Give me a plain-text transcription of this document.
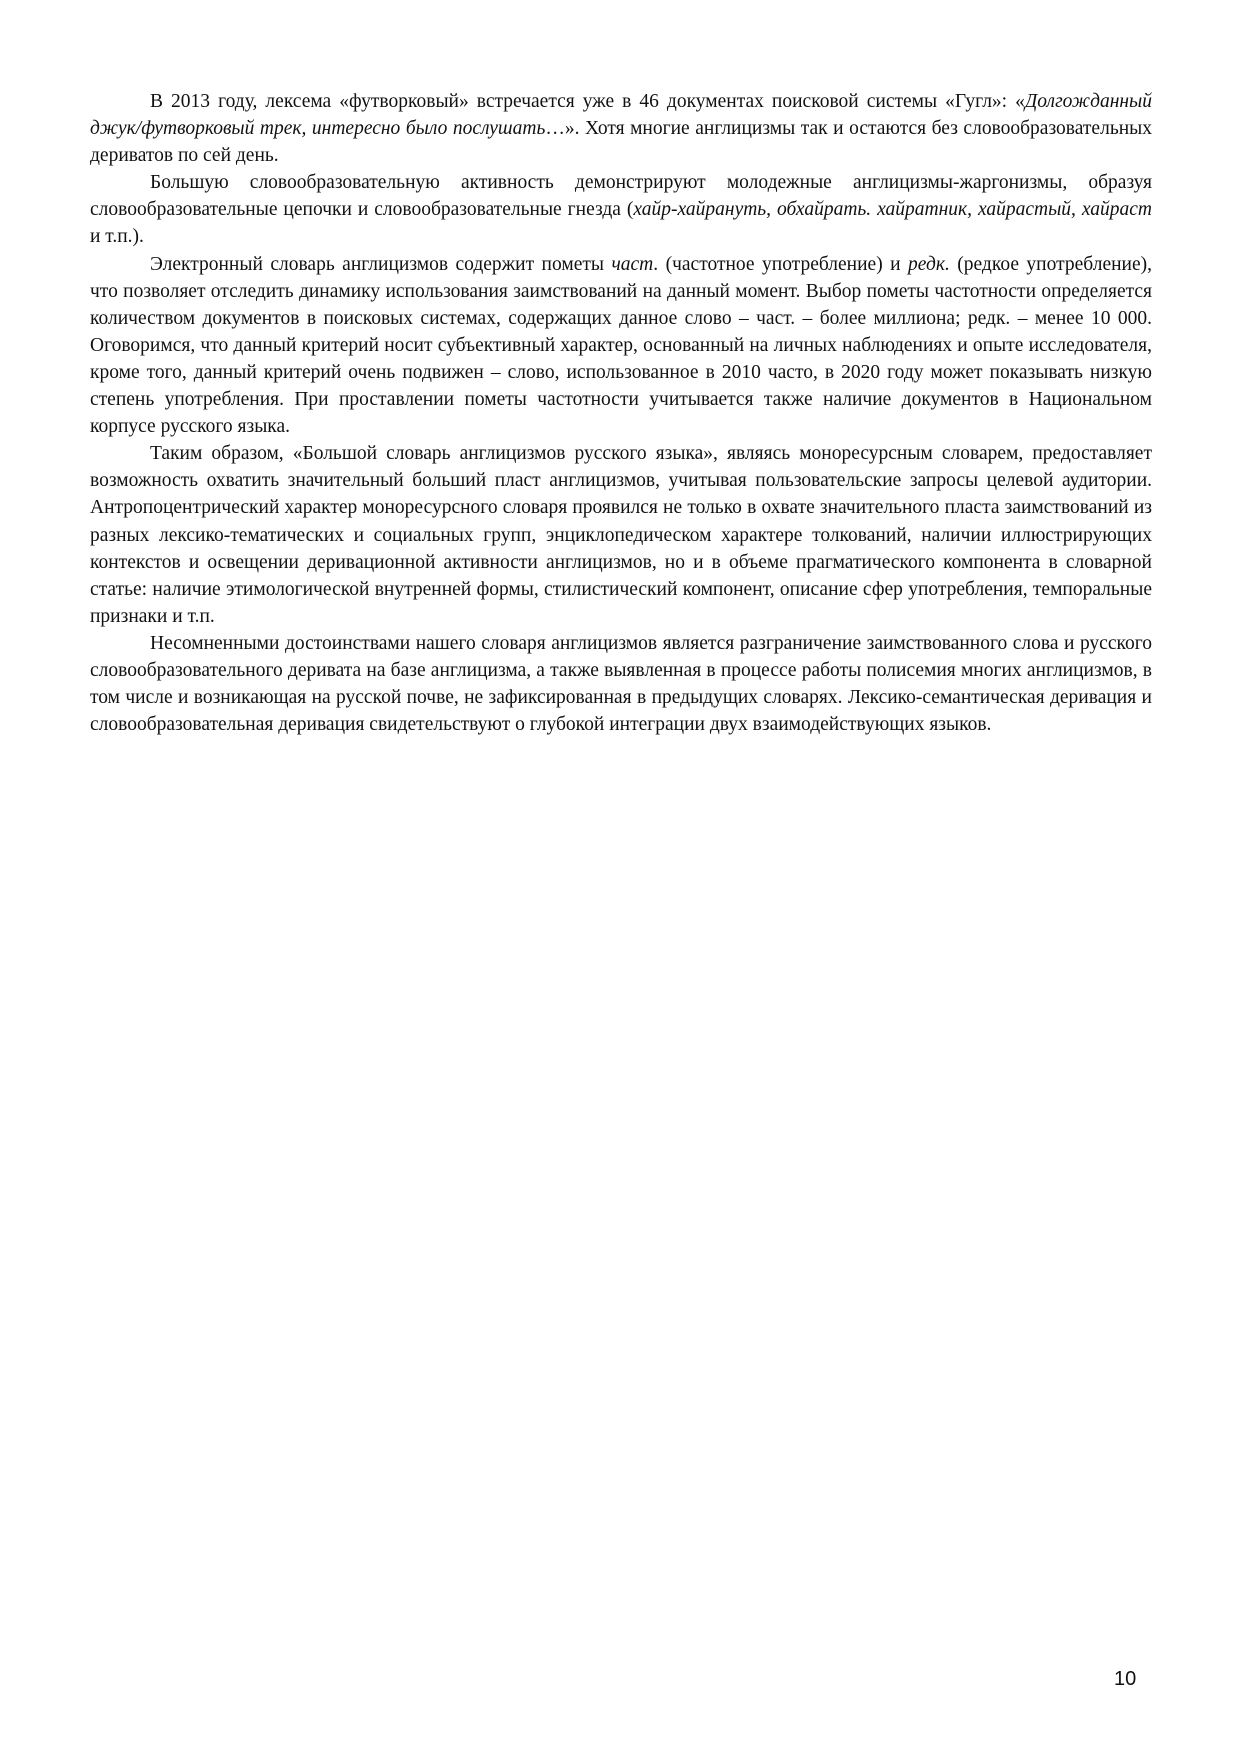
В 2013 году, лексема «футворковый» встречается уже в 46 документах поисковой системы «Гугл»: «Долгожданный джук/футворковый трек, интересно было послушать…». Хотя многие англицизмы так и остаются без словообразовательных дериватов по сей день.

Большую словообразовательную активность демонстрируют молодежные англицизмы-жаргонизмы, образуя словообразовательные цепочки и словообразовательные гнезда (хайр-хайрануть, обхайрать. хайратник, хайрастый, хайраст и т.п.).

Электронный словарь англицизмов содержит пометы част. (частотное употребление) и редк. (редкое употребление), что позволяет отследить динамику использования заимствований на данный момент. Выбор пометы частотности определяется количеством документов в поисковых системах, содержащих данное слово – част. – более миллиона; редк. – менее 10 000. Оговоримся, что данный критерий носит субъективный характер, основанный на личных наблюдениях и опыте исследователя, кроме того, данный критерий очень подвижен – слово, использованное в 2010 часто, в 2020 году может показывать низкую степень употребления. При проставлении пометы частотности учитывается также наличие документов в Национальном корпусе русского языка.

Таким образом, «Большой словарь англицизмов русского языка», являясь монoресурсным словарем, предоставляет возможность охватить значительный больший пласт англицизмов, учитывая пользовательские запросы целевой аудитории. Антропоцентрический характер монoресурсного словаря проявился не только в охвате значительного пласта заимствований из разных лексико-тематических и социальных групп, энциклопедическом характере толкований, наличии иллюстрирующих контекстов и освещении деривaционной активности англицизмов, но и в объеме прагматического компонента в словарной статье: наличие этимологической внутренней формы, стилистический компонент, описание сфер употребления, темпоральные признаки и т.п.

Несомненными достоинствами нашего словаря англицизмов является разграничение заимствованного слова и русского словообразовательного деривата на базе англицизма, а также выявленная в процессе работы полисемия многих англицизмов, в том числе и возникающая на русской почве, не зафиксированная в предыдущих словарях. Лексико-семантическая деривация и словообразовательная деривация свидетельствуют о глубокой интеграции двух взаимодействующих языков.

10
